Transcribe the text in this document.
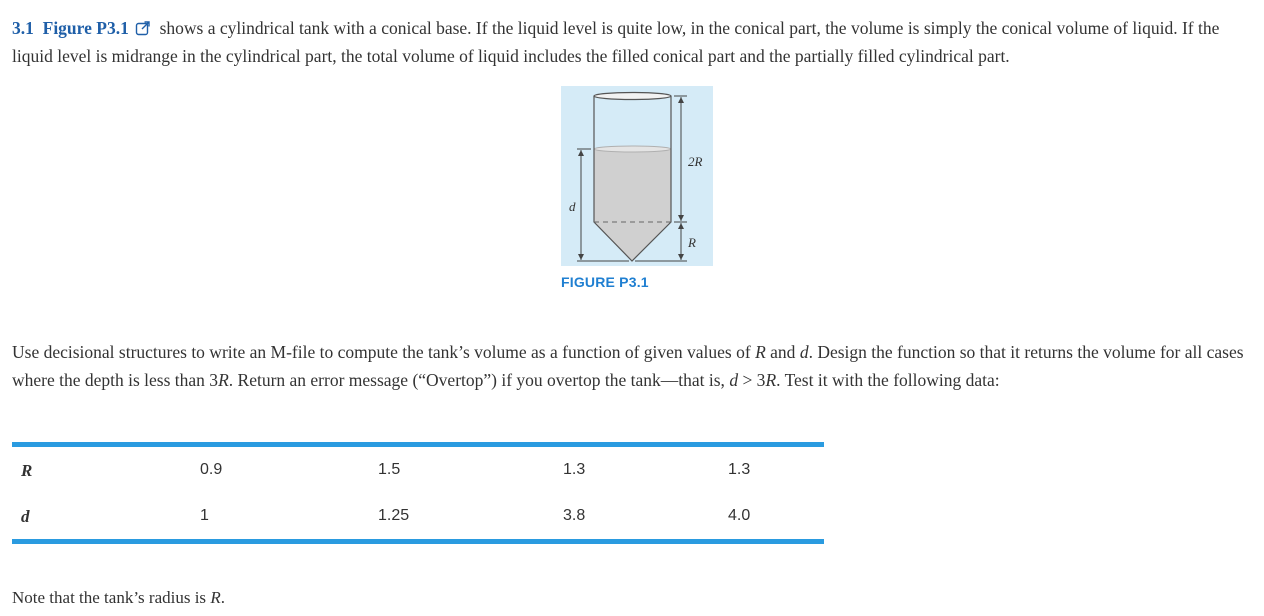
3.1 Figure P3.1 shows a cylindrical tank with a conical base. If the liquid level is quite low, in the conical part, the volume is simply the conical volume of liquid. If the liquid level is midrange in the cylindrical part, the total volume of liquid includes the filled conical part and the partially filled cylindrical part.

d
2R
R
FIGURE P3.1

Use decisional structures to write an M-file to compute the tank’s volume as a function of given values of R and d. Design the function so that it returns the volume for all cases where the depth is less than 3R. Return an error message (“Overtop”) if you overtop the tank—that is, d > 3R. Test it with the following data:

R	0.9	1.5	1.3	1.3
d	1	1.25	3.8	4.0

Note that the tank’s radius is R.
